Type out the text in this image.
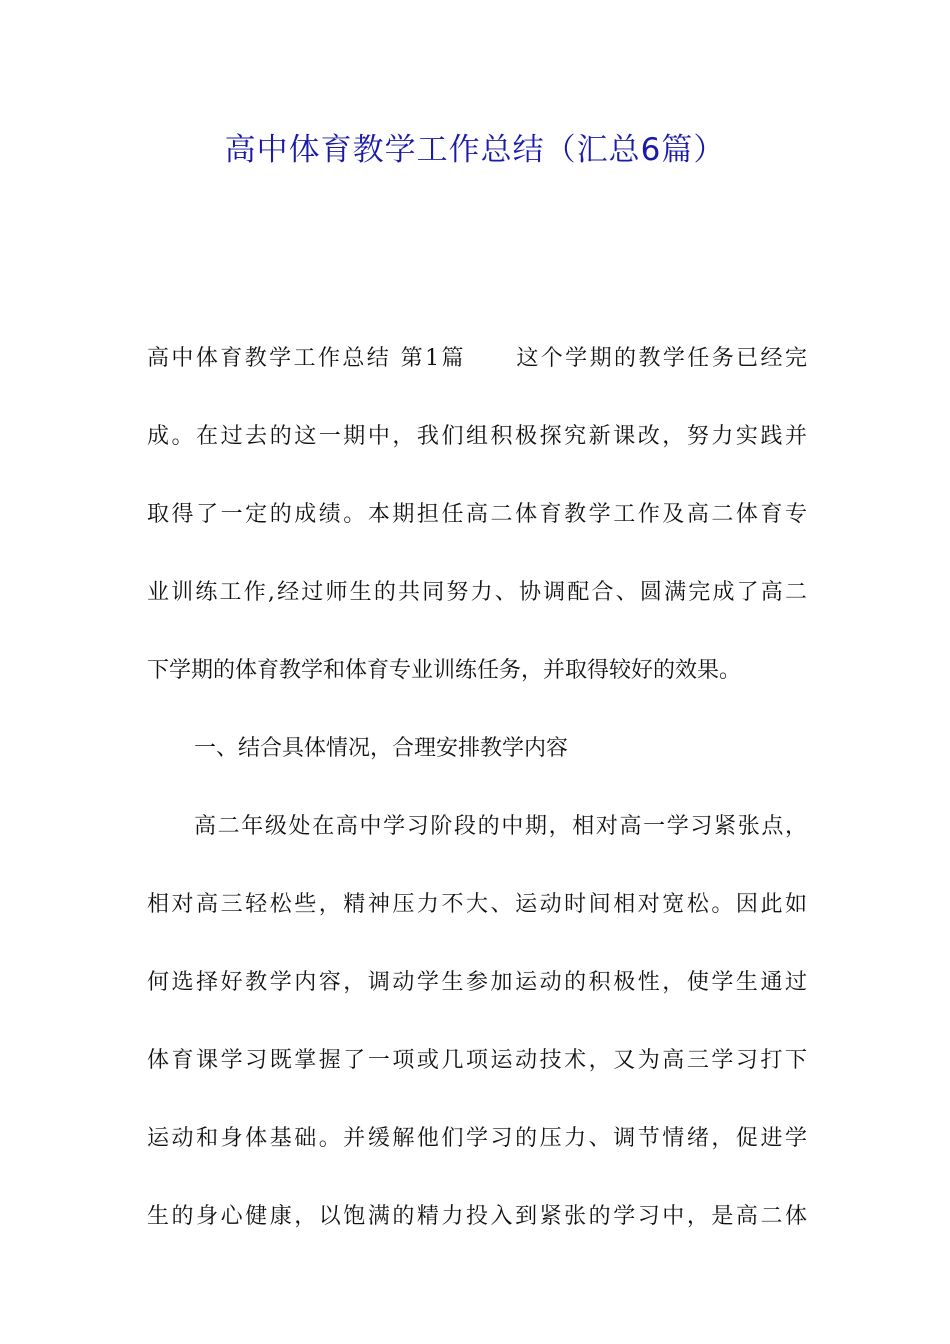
高中体育教学工作总结（汇总6篇）
高中体育教学工作总结 第1篇 这个学期的教学任务已经完
成。在过去的这一期中，我们组积极探究新课改，努力实践并
取得了一定的成绩。本期担任高二体育教学工作及高二体育专
业训练工作,经过师生的共同努力、协调配合、圆满完成了高二
下学期的体育教学和体育专业训练任务，并取得较好的效果。
一、结合具体情况，合理安排教学内容
高二年级处在高中学习阶段的中期，相对高一学习紧张点，
相对高三轻松些，精神压力不大、运动时间相对宽松。因此如
何选择好教学内容，调动学生参加运动的积极性，使学生通过
体育课学习既掌握了一项或几项运动技术，又为高三学习打下
运动和身体基础。并缓解他们学习的压力、调节情绪，促进学
生的身心健康，以饱满的精力投入到紧张的学习中，是高二体
